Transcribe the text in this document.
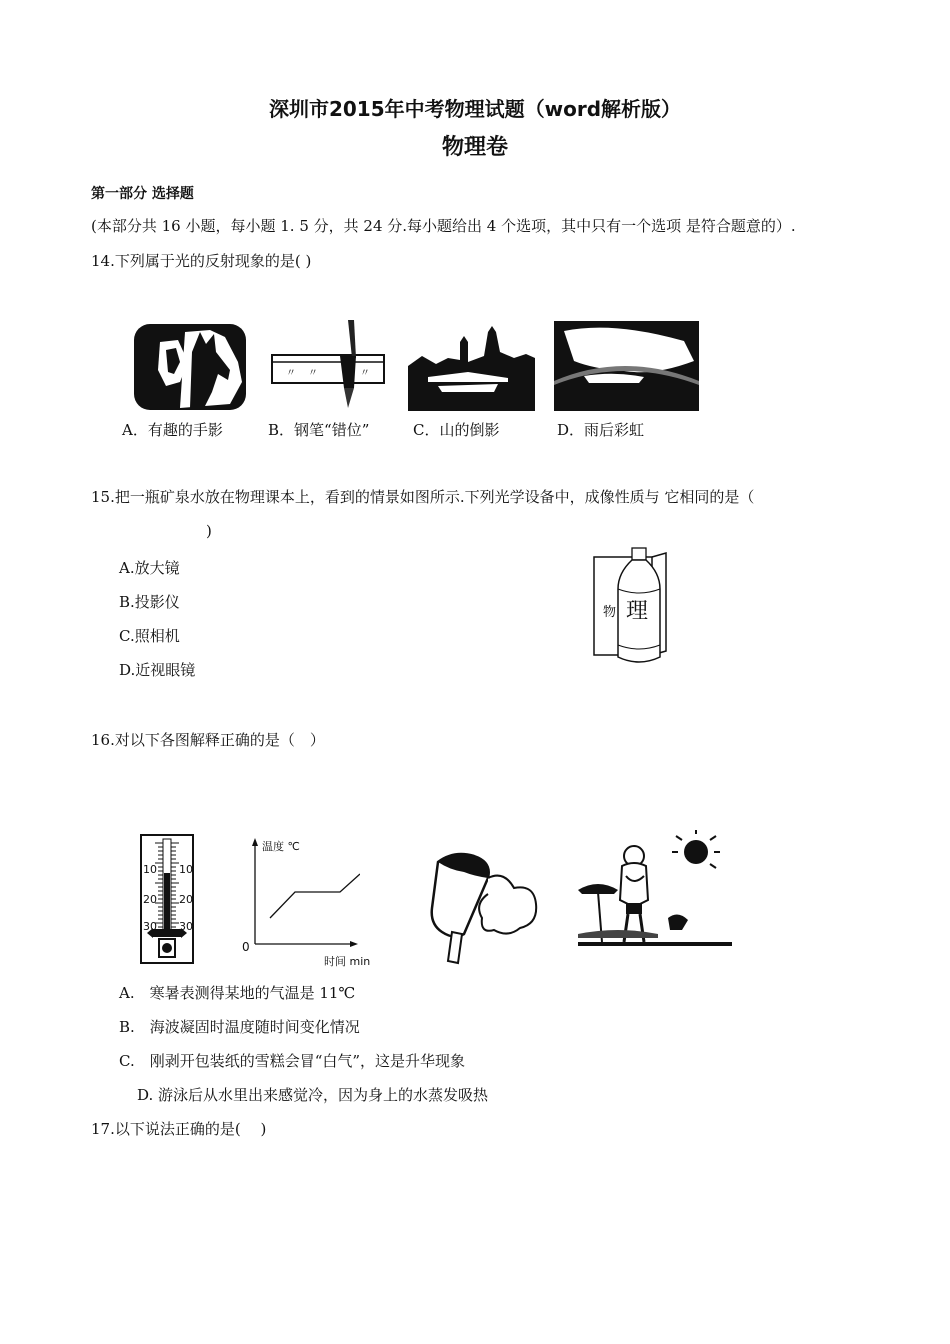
深圳市2015年中考物理试题（word解析版）
物理卷
第一部分 选择题
(本部分共 16 小题，每小题 1. 5 分，共 24 分.每小题给出 4 个选项，其中只有一个选项 是符合题意的）.
14.下列属于光的反射现象的是( )
〃 〃	〃
A．有趣的手影	B．钢笔“错位”	C．山的倒影	D．雨后彩虹
15.把一瓶矿泉水放在物理课本上，看到的情景如图所示.下列光学设备中，成像性质与 它相同的是（
)
A.放大镜
B.投影仪
C.照相机
D.近视眼镜
物 理
16.对以下各图解释正确的是（　）
10
20
30
10
20
30
温度 ℃
0
时间 min
A.　寒暑表测得某地的气温是 11℃
B.　海波凝固时温度随时间变化情况
C.　刚剥开包装纸的雪糕会冒“白气”，这是升华现象
D. 游泳后从水里出来感觉冷，因为身上的水蒸发吸热
17.以下说法正确的是(　 )
